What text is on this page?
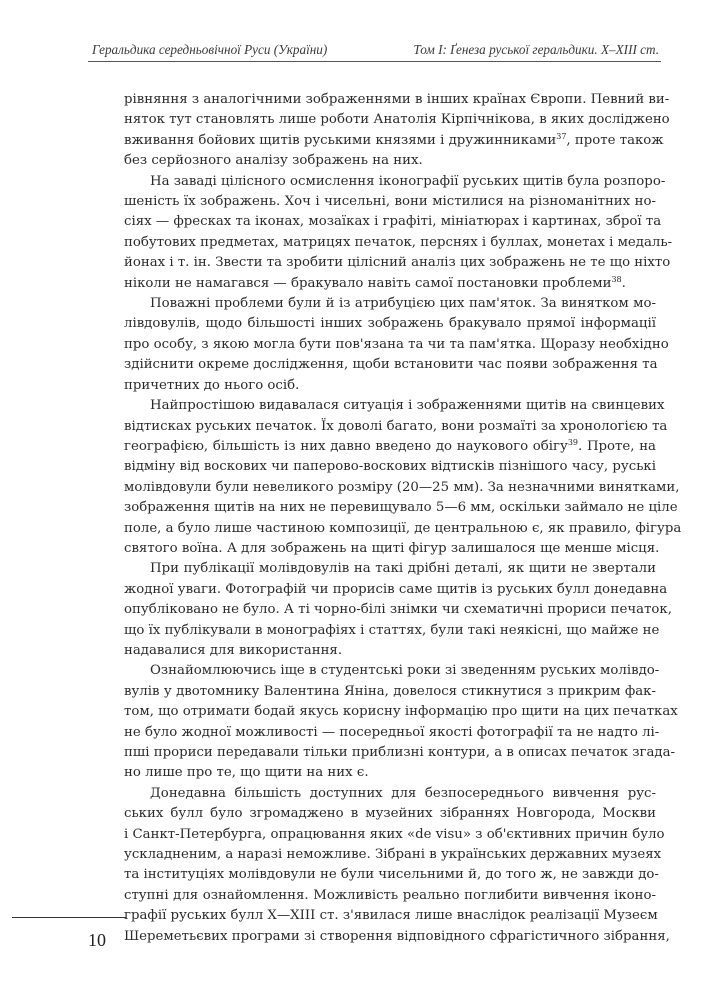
Геральдика середньовічної Руси (України)	Том І: Ґенеза руської геральдики. Х–ХІІІ ст.
рівняння з аналогічними зображеннями в інших країнах Європи. Певний ви-
няток тут становлять лише роботи Анатолія Кірпічнікова, в яких досліджено
вживання бойових щитів руськими князями і дружинниками$^{37}$, проте також
без серйозного аналізу зображень на них.
На заваді цілісного осмислення іконографії руських щитів була розпоро-
шеність їх зображень. Хоч і чисельні, вони містилися на різноманітних но-
сіях — фресках та іконах, мозаїках і графіті, мініатюрах і картинах, зброї та
побутових предметах, матрицях печаток, перснях і буллах, монетах і медаль-
йонах і т. ін. Звести та зробити цілісний аналіз цих зображень не те що ніхто
ніколи не намагався — бракувало навіть самої постановки проблеми$^{38}$.
Поважні проблеми були й із атрибуцією цих пам'яток. За винятком мо-
лівдовулів, щодо більшості інших зображень бракувало прямої інформації
про особу, з якою могла бути пов'язана та чи та пам'ятка. Щоразу необхідно
здійснити окреме дослідження, щоби встановити час появи зображення та
причетних до нього осіб.
Найпростішою видавалася ситуація і зображеннями щитів на свинцевих
відтисках руських печаток. Їх доволі багато, вони розмаїті за хронологією та
географією, більшість із них давно введено до наукового обігу$^{39}$. Проте, на
відміну від воскових чи паперово-воскових відтисків пізнішого часу, руські
молівдовули були невеликого розміру (20—25 мм). За незначними винятками,
зображення щитів на них не перевищувало 5—6 мм, оскільки займало не ціле
поле, а було лише частиною композиції, де центральною є, як правило, фігура
святого воїна. А для зображень на щиті фігур залишалося ще менше місця.
При публікації молівдовулів на такі дрібні деталі, як щити не звертали
жодної уваги. Фотографій чи прорисів саме щитів із руських булл донедавна
опубліковано не було. А ті чорно-білі знімки чи схематичні прориси печаток,
що їх публікували в монографіях і статтях, були такі неякісні, що майже не
надавалися для використання.
Ознайомлюючись іще в студентські роки зі зведенням руських молівдо-
вулів у двотомнику Валентина Яніна, довелося стикнутися з прикрим фак-
том, що отримати бодай якусь корисну інформацію про щити на цих печатках
не було жодної можливості — посередньої якості фотографії та не надто лі-
пші прориси передавали тільки приблизні контури, а в описах печаток згада-
но лише про те, що щити на них є.
Донедавна більшість доступних для безпосереднього вивчення рус-
ських булл було згромаджено в музейних зібраннях Новгорода, Москви
і Санкт-Петербурга, опрацювання яких «de visu» з об'єктивних причин було
ускладненим, а наразі неможливе. Зібрані в українських державних музеях
та інституціях молівдовули не були чисельними й, до того ж, не завжди до-
ступні для ознайомлення. Можливість реально поглибити вивчення іконо-
графії руських булл Х—ХІІІ ст. з'явилася лише внаслідок реалізації Музеєм
Шереметьєвих програми зі створення відповідного сфрагістичного зібрання,
10
